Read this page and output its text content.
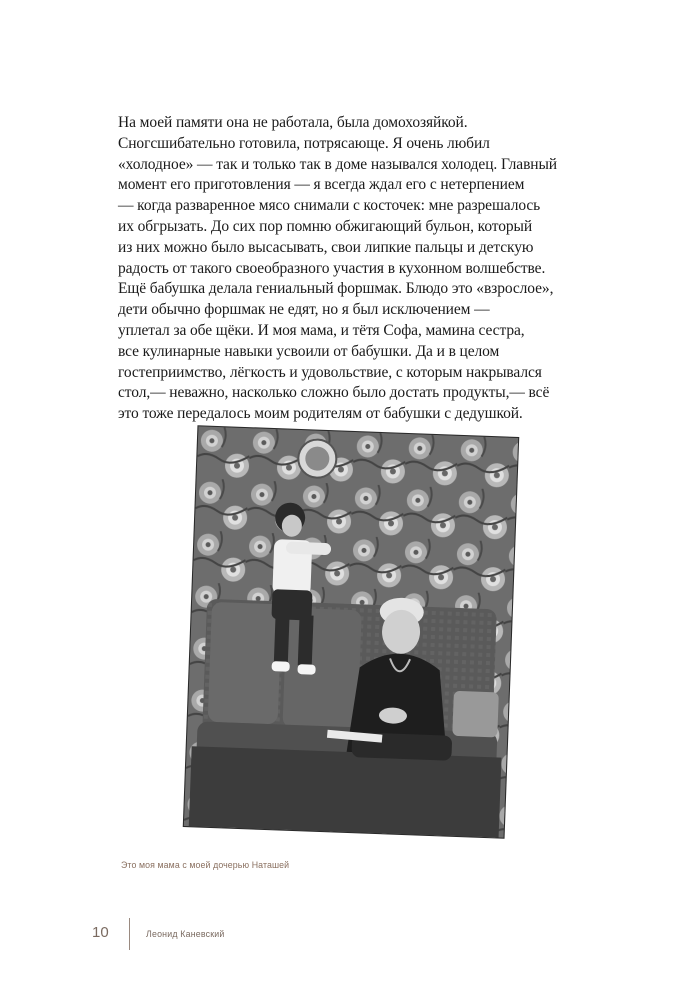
На моей памяти она не работала, была домохозяйкой.
Сногсшибательно готовила, потрясающе. Я очень любил
«холодное» — так и только так в доме назывался холодец. Главный
момент его приготовления — я всегда ждал его с нетерпением
— когда разваренное мясо снимали с косточек: мне разрешалось
их обгрызать. До сих пор помню обжигающий бульон, который
из них можно было высасывать, свои липкие пальцы и детскую
радость от такого своеобразного участия в кухонном волшебстве.
Ещё бабушка делала гениальный форшмак. Блюдо это «взрослое»,
дети обычно форшмак не едят, но я был исключением —
уплетал за обе щёки. И моя мама, и тётя Софа, мамина сестра,
все кулинарные навыки усвоили от бабушки. Да и в целом
гостеприимство, лёгкость и удовольствие, с которым накрывался
стол,— неважно, насколько сложно было достать продукты,— всё
это тоже передалось моим родителям от бабушки с дедушкой.
Это моя мама с моей дочерью Наташей
10	Леонид Каневский
